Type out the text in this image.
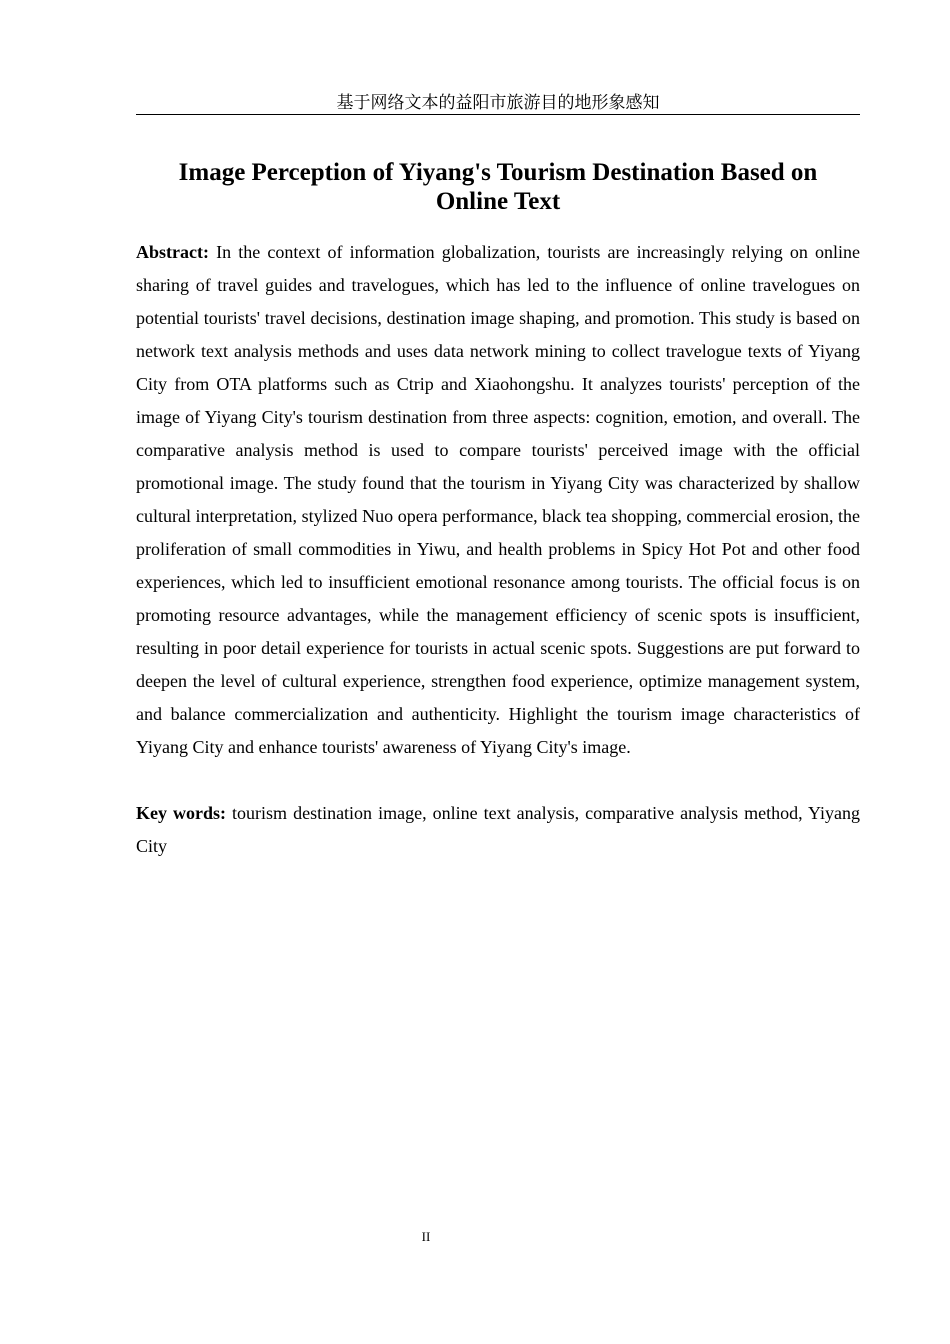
基于网络文本的益阳市旅游目的地形象感知
Image Perception of Yiyang's Tourism Destination Based on Online Text

Abstract: In the context of information globalization, tourists are increasingly relying on online sharing of travel guides and travelogues, which has led to the influence of online travelogues on potential tourists' travel decisions, destination image shaping, and promotion. This study is based on network text analysis methods and uses data network mining to collect travelogue texts of Yiyang City from OTA platforms such as Ctrip and Xiaohongshu. It analyzes tourists' perception of the image of Yiyang City's tourism destination from three aspects: cognition, emotion, and overall. The comparative analysis method is used to compare tourists' perceived image with the official promotional image. The study found that the tourism in Yiyang City was characterized by shallow cultural interpretation, stylized Nuo opera performance, black tea shopping, commercial erosion, the proliferation of small commodities in Yiwu, and health problems in Spicy Hot Pot and other food experiences, which led to insufficient emotional resonance among tourists. The official focus is on promoting resource advantages, while the management efficiency of scenic spots is insufficient, resulting in poor detail experience for tourists in actual scenic spots. Suggestions are put forward to deepen the level of cultural experience, strengthen food experience, optimize management system, and balance commercialization and authenticity. Highlight the tourism image characteristics of Yiyang City and enhance tourists' awareness of Yiyang City's image.

Key words: tourism destination image, online text analysis, comparative analysis method, Yiyang City

II
